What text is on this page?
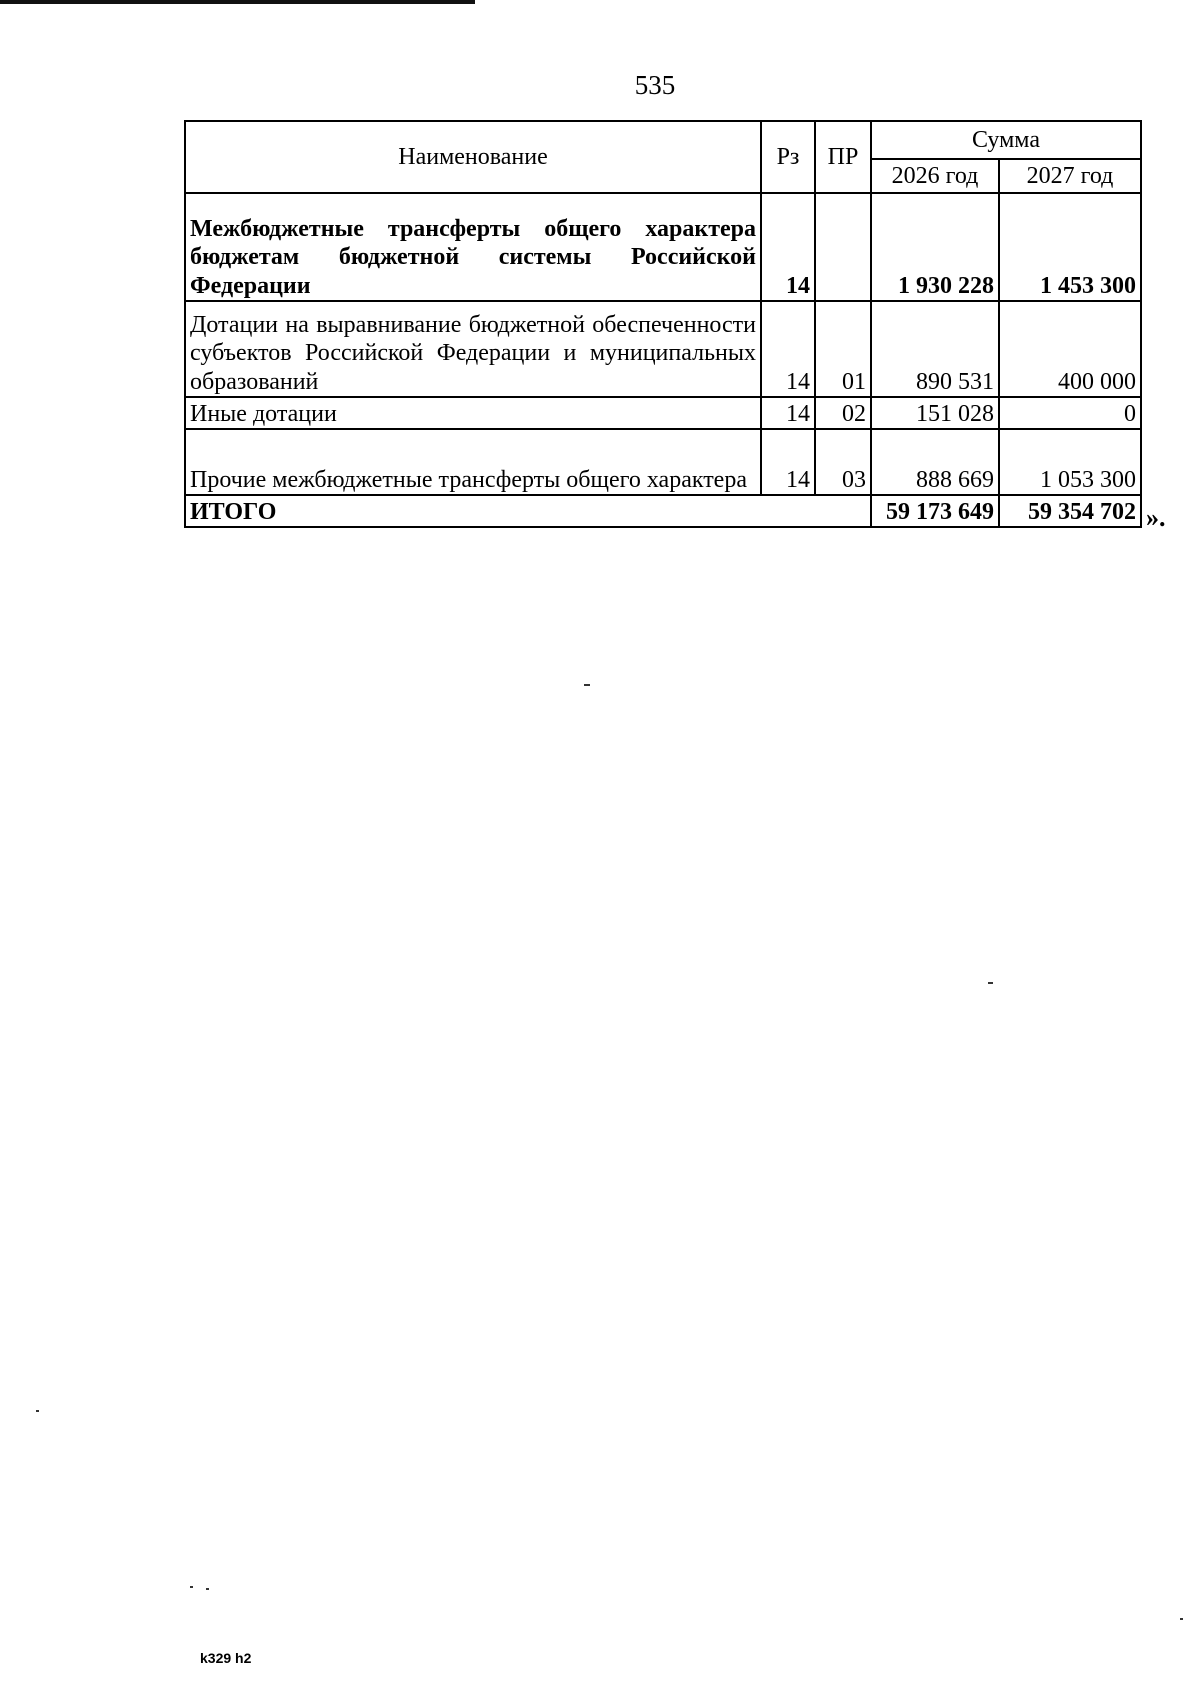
535
Наименование	Рз	ПР	Сумма	
			2026 год	2027 год
Межбюджетные трансферты общего характера бюджетам бюджетной системы Российской Федерации	14		1 930 228	1 453 300
Дотации на выравнивание бюджетной обеспеченности субъектов Российской Федерации и муниципальных образований	14	01	890 531	400 000
Иные дотации	14	02	151 028	0
Прочие межбюджетные трансферты общего характера	14	03	888 669	1 053 300
ИТОГО			59 173 649	59 354 702 ».
k329 h2
